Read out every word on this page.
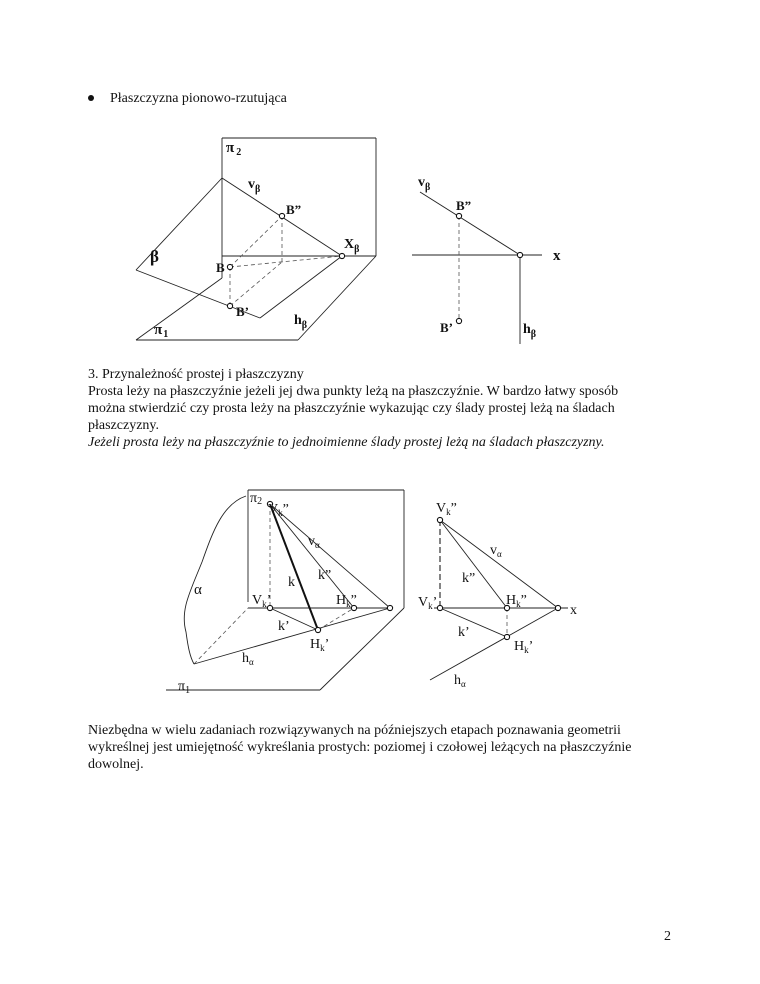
Płaszczyzna pionowo-rzutująca

π $_2$
$v_\beta$
B”
$X_\beta$
β
B
B’
$h_\beta$
$\pi_1$
$v_\beta$
B”
x
B’	$h_\beta$
3. Przynależność prostej i płaszczyzny
Prosta leży na płaszczyźnie jeżeli jej dwa punkty leżą na płaszczyźnie. W bardzo łatwy sposób
można stwierdzić czy prosta leży na płaszczyźnie wykazując czy ślady prostej leżą na śladach
płaszczyzny.
Jeżeli prosta leży na płaszczyźnie to jednoimienne ślady prostej leżą na śladach płaszczyzny.
π2
$V_k$”
$v_\alpha$
k”
k
α
$V_k$’	$H_k$”
k’
$H_k$’
$h_\alpha$
$\pi_1$
$V_k$”
$v_\alpha$
k”
$V_k$’	$H_k$”
x
k’
$H_k$’
$h_\alpha$
Niezbędna w wielu zadaniach rozwiązywanych na późniejszych etapach poznawania geometrii
wykreślnej jest umiejętność wykreślania prostych: poziomej i czołowej leżących na płaszczyźnie
dowolnej.

2
